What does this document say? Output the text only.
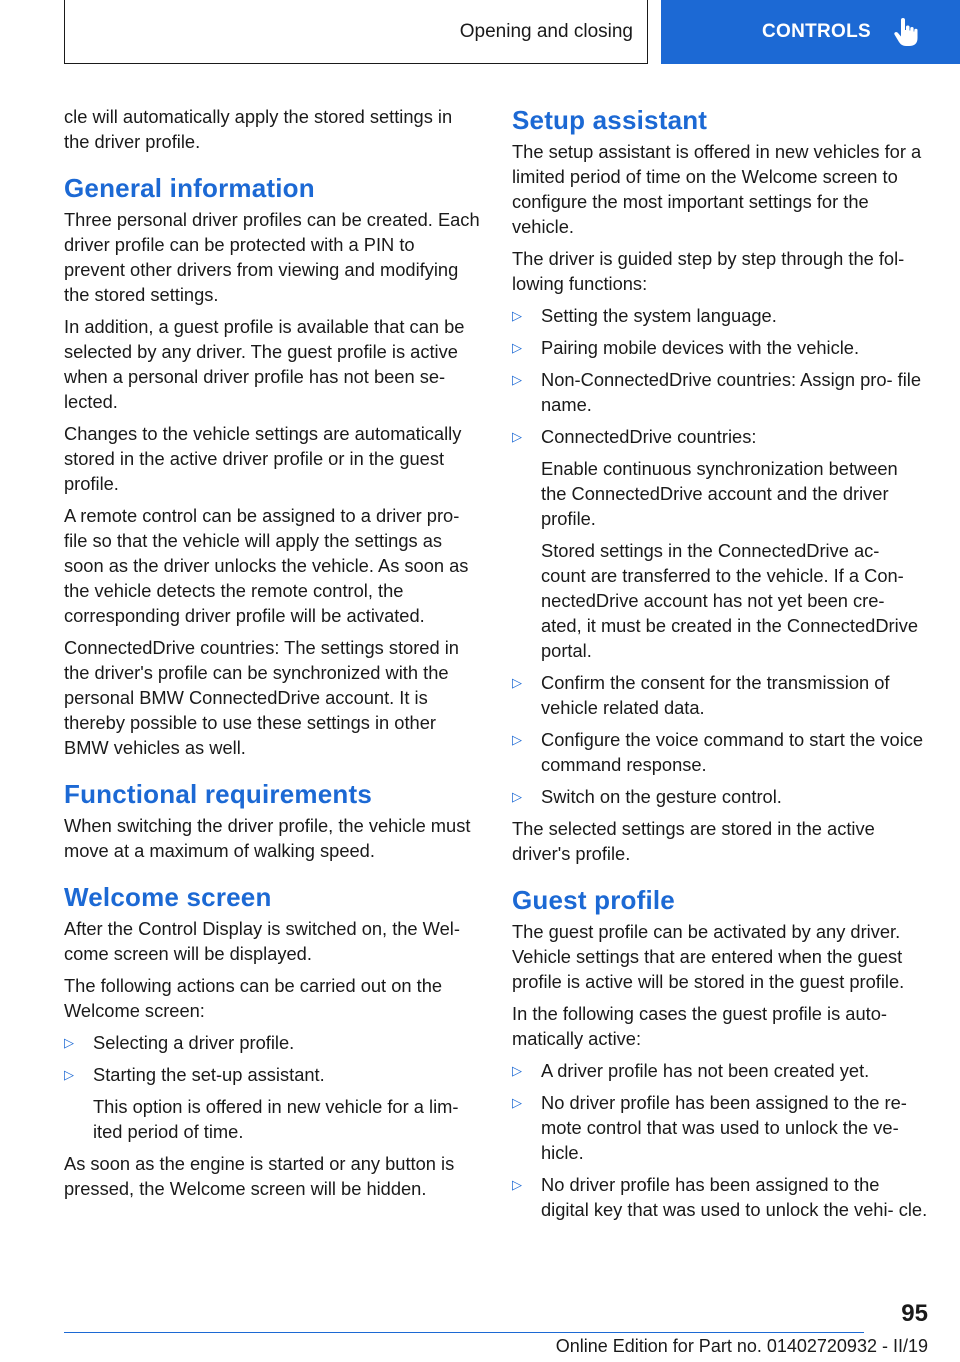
Opening and closing	CONTROLS

cle will automatically apply the stored settings in the driver profile.

General information

Three personal driver profiles can be created. Each driver profile can be protected with a PIN to prevent other drivers from viewing and modifying the stored settings.

In addition, a guest profile is available that can be selected by any driver. The guest profile is active when a personal driver profile has not been se‐ lected.

Changes to the vehicle settings are automatically stored in the active driver profile or in the guest profile.

A remote control can be assigned to a driver pro‐ file so that the vehicle will apply the settings as soon as the driver unlocks the vehicle. As soon as the vehicle detects the remote control, the corresponding driver profile will be activated.

ConnectedDrive countries: The settings stored in the driver's profile can be synchronized with the personal BMW ConnectedDrive account. It is thereby possible to use these settings in other BMW vehicles as well.

Functional requirements

When switching the driver profile, the vehicle must move at a maximum of walking speed.

Welcome screen

After the Control Display is switched on, the Wel‐ come screen will be displayed.

The following actions can be carried out on the Welcome screen:

▷ Selecting a driver profile.

▷ Starting the set-up assistant.

This option is offered in new vehicle for a lim‐ ited period of time.

As soon as the engine is started or any button is pressed, the Welcome screen will be hidden.

Setup assistant

The setup assistant is offered in new vehicles for a limited period of time on the Welcome screen to configure the most important settings for the vehicle.

The driver is guided step by step through the fol‐ lowing functions:

▷ Setting the system language.

▷ Pairing mobile devices with the vehicle.

▷ Non-ConnectedDrive countries: Assign pro‐ file name.

▷ ConnectedDrive countries:

Enable continuous synchronization between the ConnectedDrive account and the driver profile.

Stored settings in the ConnectedDrive ac‐ count are transferred to the vehicle. If a Con‐ nectedDrive account has not yet been cre‐ ated, it must be created in the ConnectedDrive portal.

▷ Confirm the consent for the transmission of vehicle related data.

▷ Configure the voice command to start the voice command response.

▷ Switch on the gesture control.

The selected settings are stored in the active driver's profile.

Guest profile

The guest profile can be activated by any driver. Vehicle settings that are entered when the guest profile is active will be stored in the guest profile.

In the following cases the guest profile is auto‐ matically active:

▷ A driver profile has not been created yet.

▷ No driver profile has been assigned to the re‐ mote control that was used to unlock the ve‐ hicle.

▷ No driver profile has been assigned to the digital key that was used to unlock the vehi‐ cle.

95
Online Edition for Part no. 01402720932 - II/19
